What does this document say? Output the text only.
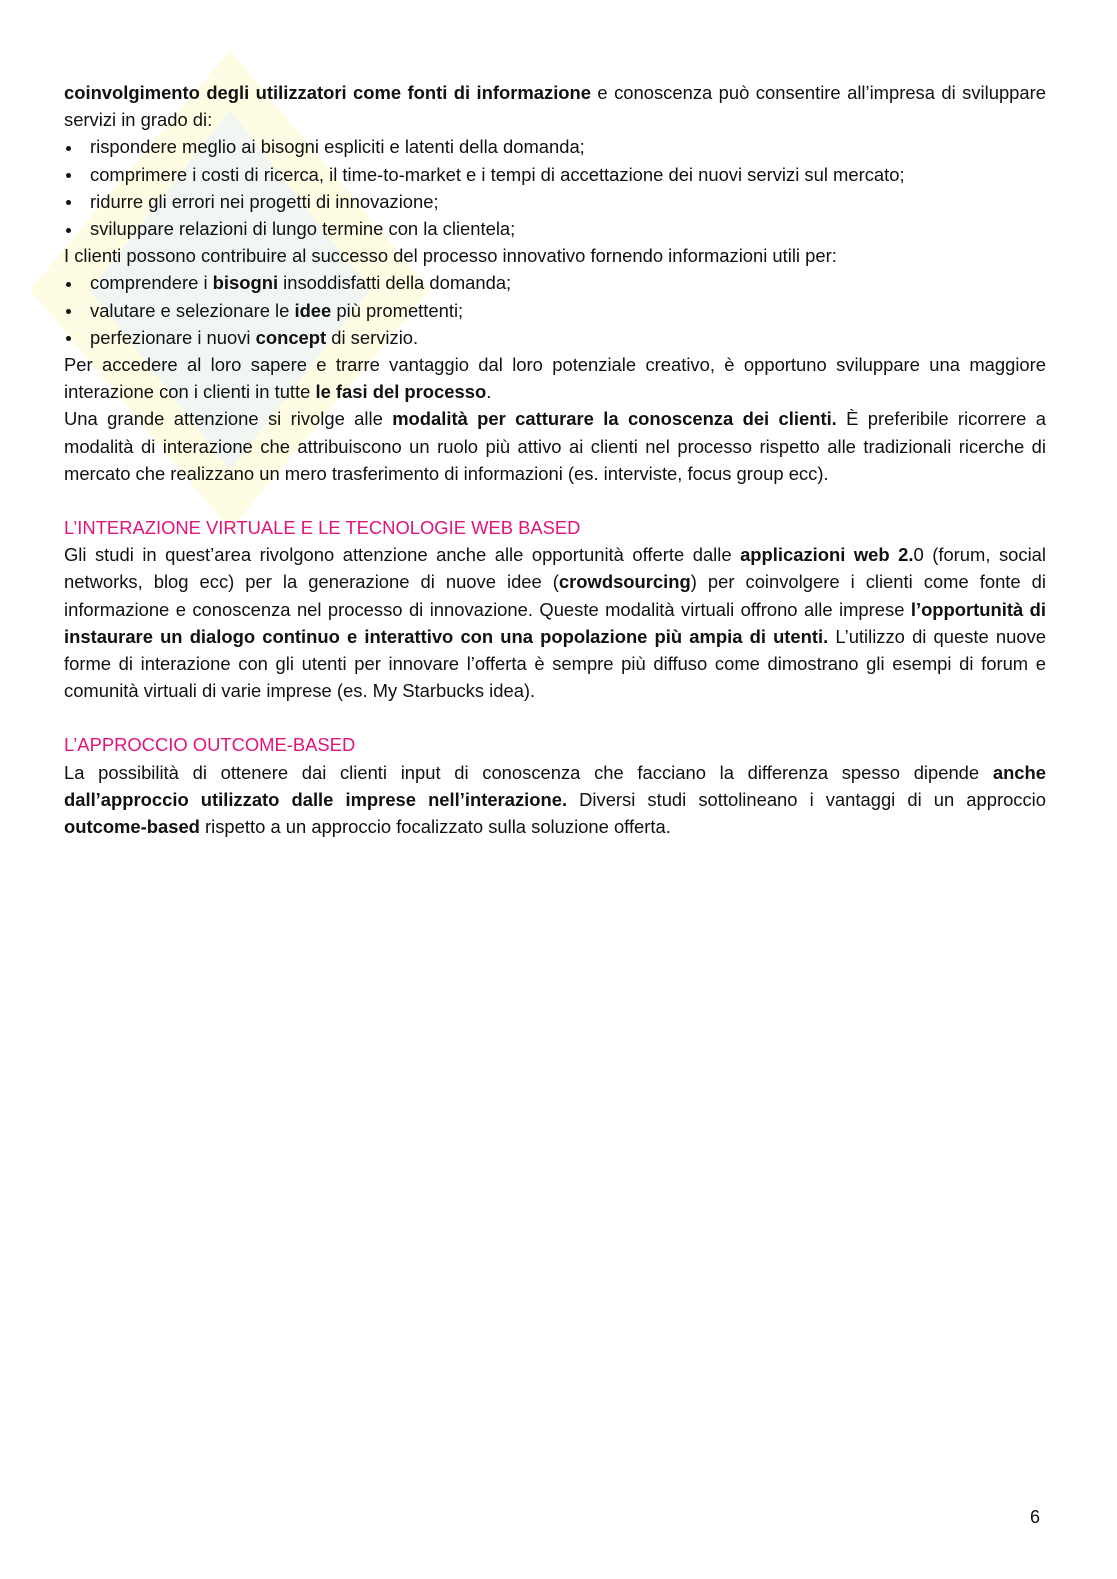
coinvolgimento degli utilizzatori come fonti di informazione e conoscenza può consentire all’impresa di sviluppare servizi in grado di:

rispondere meglio ai bisogni espliciti e latenti della domanda;
comprimere i costi di ricerca, il time-to-market e i tempi di accettazione dei nuovi servizi sul mercato;
ridurre gli errori nei progetti di innovazione;
sviluppare relazioni di lungo termine con la clientela;

I clienti possono contribuire al successo del processo innovativo fornendo informazioni utili per:

comprendere i bisogni insoddisfatti della domanda;
valutare e selezionare le idee più promettenti;
perfezionare i nuovi concept di servizio.

Per accedere al loro sapere e trarre vantaggio dal loro potenziale creativo, è opportuno sviluppare una maggiore interazione con i clienti in tutte le fasi del processo.

Una grande attenzione si rivolge alle modalità per catturare la conoscenza dei clienti. È preferibile ricorrere a modalità di interazione che attribuiscono un ruolo più attivo ai clienti nel processo rispetto alle tradizionali ricerche di mercato che realizzano un mero trasferimento di informazioni (es. interviste, focus group ecc).

L’INTERAZIONE VIRTUALE E LE TECNOLOGIE WEB BASED

Gli studi in quest’area rivolgono attenzione anche alle opportunità offerte dalle applicazioni web 2.0 (forum, social networks, blog ecc) per la generazione di nuove idee (crowdsourcing) per coinvolgere i clienti come fonte di informazione e conoscenza nel processo di innovazione. Queste modalità virtuali offrono alle imprese l’opportunità di instaurare un dialogo continuo e interattivo con una popolazione più ampia di utenti. L’utilizzo di queste nuove forme di interazione con gli utenti per innovare l’offerta è sempre più diffuso come dimostrano gli esempi di forum e comunità virtuali di varie imprese (es. My Starbucks idea).

L’APPROCCIO OUTCOME-BASED

La possibilità di ottenere dai clienti input di conoscenza che facciano la differenza spesso dipende anche dall’approccio utilizzato dalle imprese nell’interazione. Diversi studi sottolineano i vantaggi di un approccio outcome-based rispetto a un approccio focalizzato sulla soluzione offerta.

6
